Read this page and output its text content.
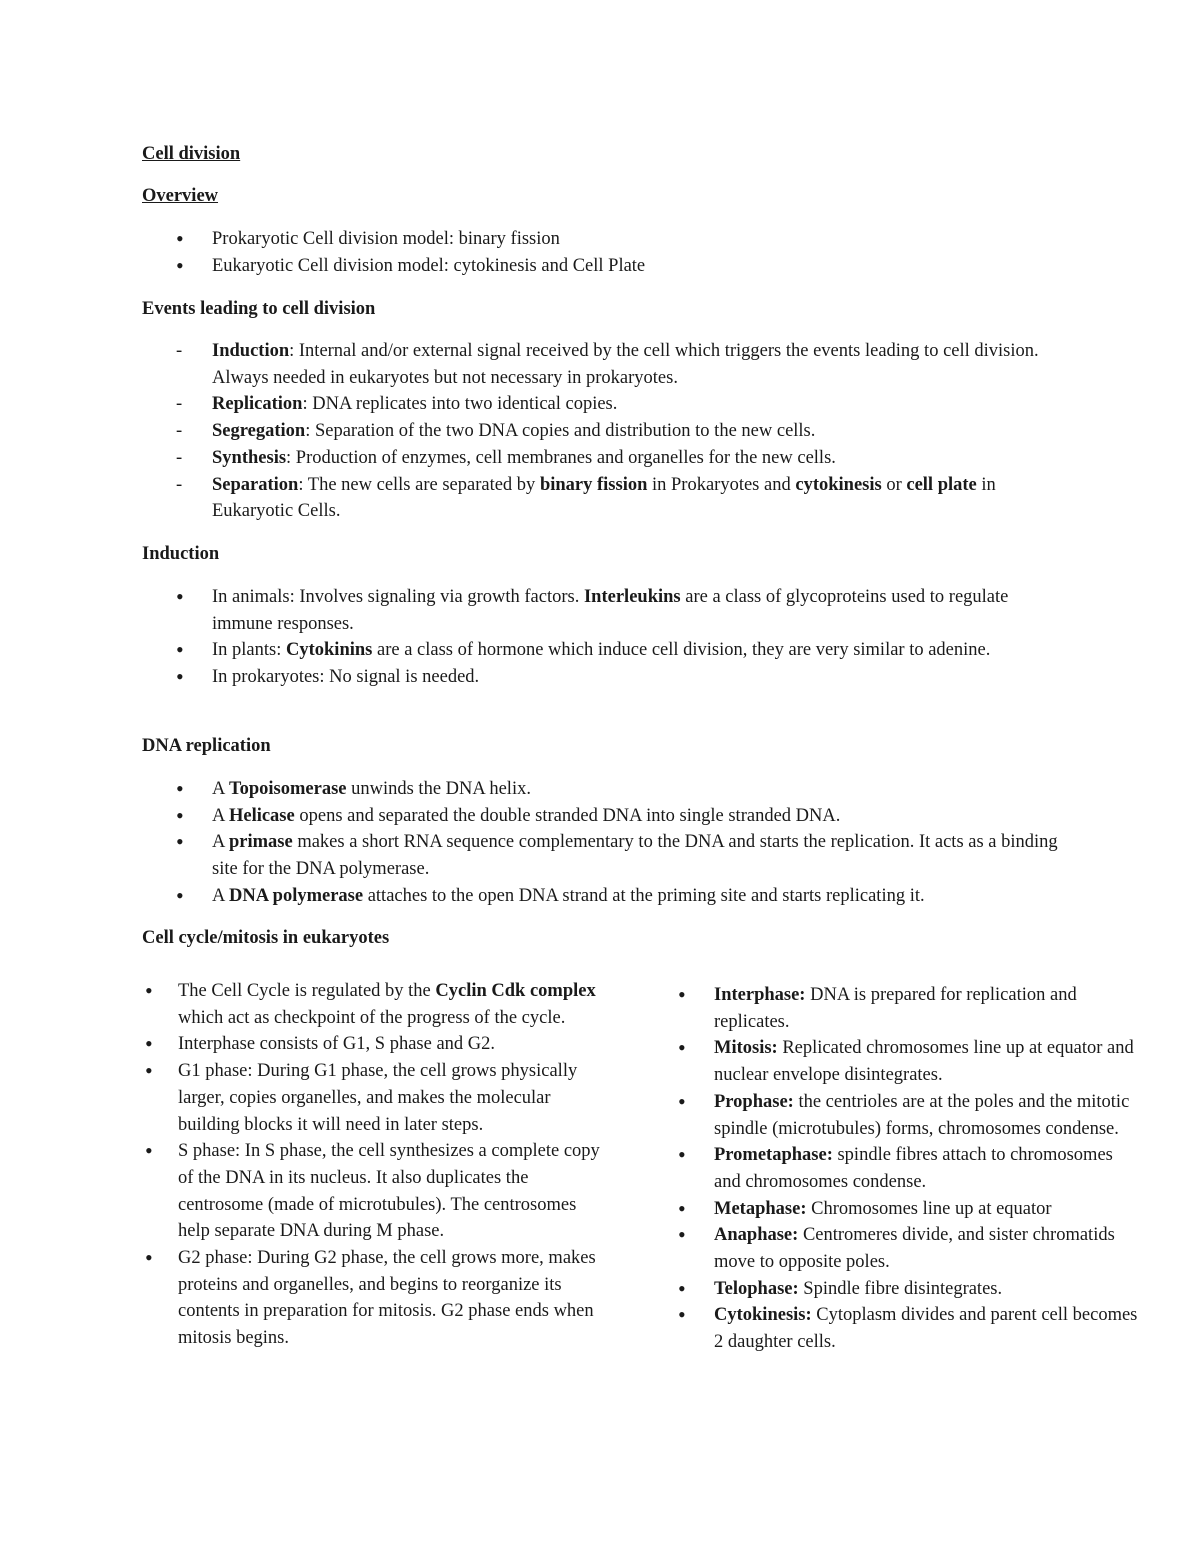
Cell division

Overview

• Prokaryotic Cell division model: binary fission
• Eukaryotic Cell division model: cytokinesis and Cell Plate

Events leading to cell division

- Induction: Internal and/or external signal received by the cell which triggers the events leading to cell division. Always needed in eukaryotes but not necessary in prokaryotes.
- Replication: DNA replicates into two identical copies.
- Segregation: Separation of the two DNA copies and distribution to the new cells.
- Synthesis: Production of enzymes, cell membranes and organelles for the new cells.
- Separation: The new cells are separated by binary fission in Prokaryotes and cytokinesis or cell plate in Eukaryotic Cells.

Induction

• In animals: Involves signaling via growth factors. Interleukins are a class of glycoproteins used to regulate immune responses.
• In plants: Cytokinins are a class of hormone which induce cell division, they are very similar to adenine.
• In prokaryotes: No signal is needed.

DNA replication

• A Topoisomerase unwinds the DNA helix.
• A Helicase opens and separated the double stranded DNA into single stranded DNA.
• A primase makes a short RNA sequence complementary to the DNA and starts the replication. It acts as a binding site for the DNA polymerase.
• A DNA polymerase attaches to the open DNA strand at the priming site and starts replicating it.

Cell cycle/mitosis in eukaryotes

• The Cell Cycle is regulated by the Cyclin Cdk complex which act as checkpoint of the progress of the cycle.
• Interphase consists of G1, S phase and G2.
• G1 phase: During G1 phase, the cell grows physically larger, copies organelles, and makes the molecular building blocks it will need in later steps.
• S phase: In S phase, the cell synthesizes a complete copy of the DNA in its nucleus. It also duplicates the centrosome (made of microtubules). The centrosomes help separate DNA during M phase.
• G2 phase: During G2 phase, the cell grows more, makes proteins and organelles, and begins to reorganize its contents in preparation for mitosis. G2 phase ends when mitosis begins.
• Interphase: DNA is prepared for replication and replicates.
• Mitosis: Replicated chromosomes line up at equator and nuclear envelope disintegrates.
• Prophase: the centrioles are at the poles and the mitotic spindle (microtubules) forms, chromosomes condense.
• Prometaphase: spindle fibres attach to chromosomes and chromosomes condense.
• Metaphase: Chromosomes line up at equator
• Anaphase: Centromeres divide, and sister chromatids move to opposite poles.
• Telophase: Spindle fibre disintegrates.
• Cytokinesis: Cytoplasm divides and parent cell becomes 2 daughter cells.
